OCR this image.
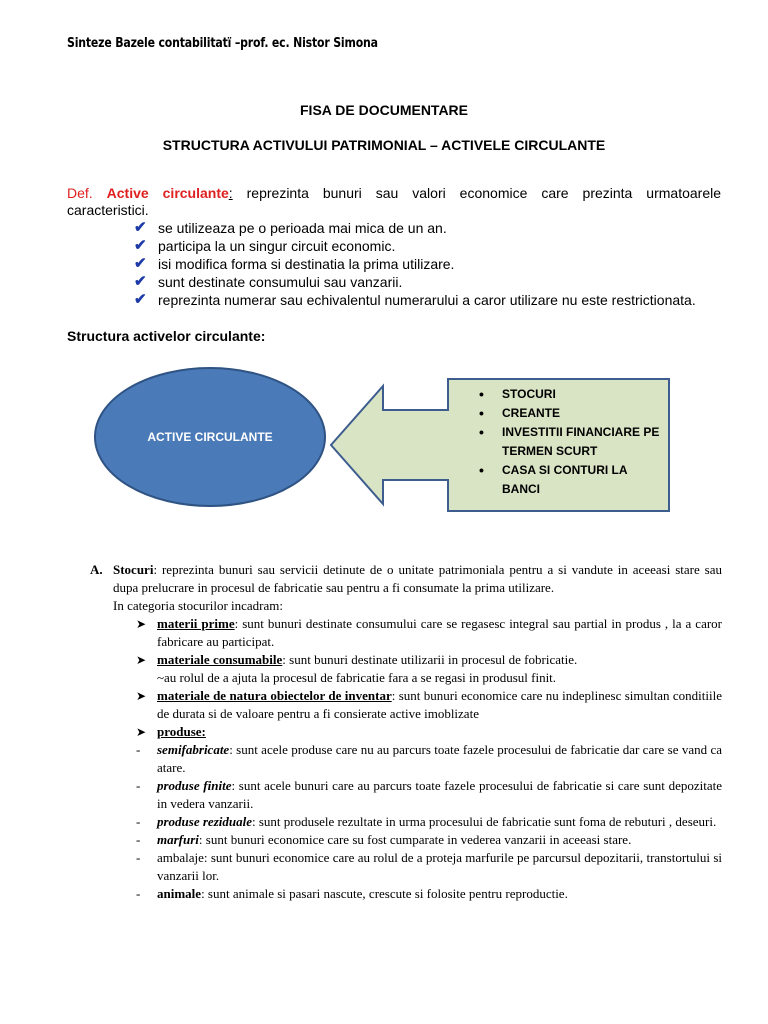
Sinteze Bazele contabilitatï –prof. ec. Nistor Simona
FISA DE DOCUMENTARE
STRUCTURA ACTIVULUI PATRIMONIAL – ACTIVELE CIRCULANTE
Def. Active circulante: reprezinta bunuri sau valori economice care prezinta urmatoarele
caracteristici.
✔ se utilizeaza pe o perioada mai mica de un an.
✔ participa la un singur circuit economic.
✔ isi modifica forma si destinatia la prima utilizare.
✔ sunt destinate consumului sau vanzarii.
✔ reprezinta numerar sau echivalentul numerarului a caror utilizare nu este restrictionata.
Structura activelor circulante:
ACTIVE CIRCULANTE
• STOCURI
• CREANTE
• INVESTITII FINANCIARE PE TERMEN SCURT
• CASA SI CONTURI LA BANCI
A. Stocuri: reprezinta bunuri sau servicii detinute de o unitate patrimoniala pentru a si vandute in aceeasi stare sau dupa prelucrare in procesul de fabricatie sau pentru a fi consumate la prima utilizare.
In categoria stocurilor incadram:
➤ materii prime: sunt bunuri destinate consumului care se regasesc integral sau partial in produs , la a caror fabricare au participat.
➤ materiale consumabile: sunt bunuri destinate utilizarii in procesul de fobricatie.
~au rolul de a ajuta la procesul de fabricatie fara a se regasi in produsul finit.
➤ materiale de natura obiectelor de inventar: sunt bunuri economice care nu indeplinesc simultan conditiile de durata si de valoare pentru a fi consierate active imoblizate
➤ produse:
- semifabricate: sunt acele produse care nu au parcurs toate fazele procesului de fabricatie dar care se vand ca atare.
- produse finite: sunt acele bunuri care au parcurs toate fazele procesului de fabricatie si care sunt depozitate in vedera vanzarii.
- produse reziduale: sunt produsele rezultate in urma procesului de fabricatie sunt foma de rebuturi , deseuri.
- marfuri: sunt bunuri economice care su fost cumparate in vederea vanzarii in aceeasi stare.
- ambalaje: sunt bunuri economice care au rolul de a proteja marfurile pe parcursul depozitarii, transtortului si vanzarii lor.
- animale: sunt animale si pasari nascute, crescute si folosite pentru reproductie.
